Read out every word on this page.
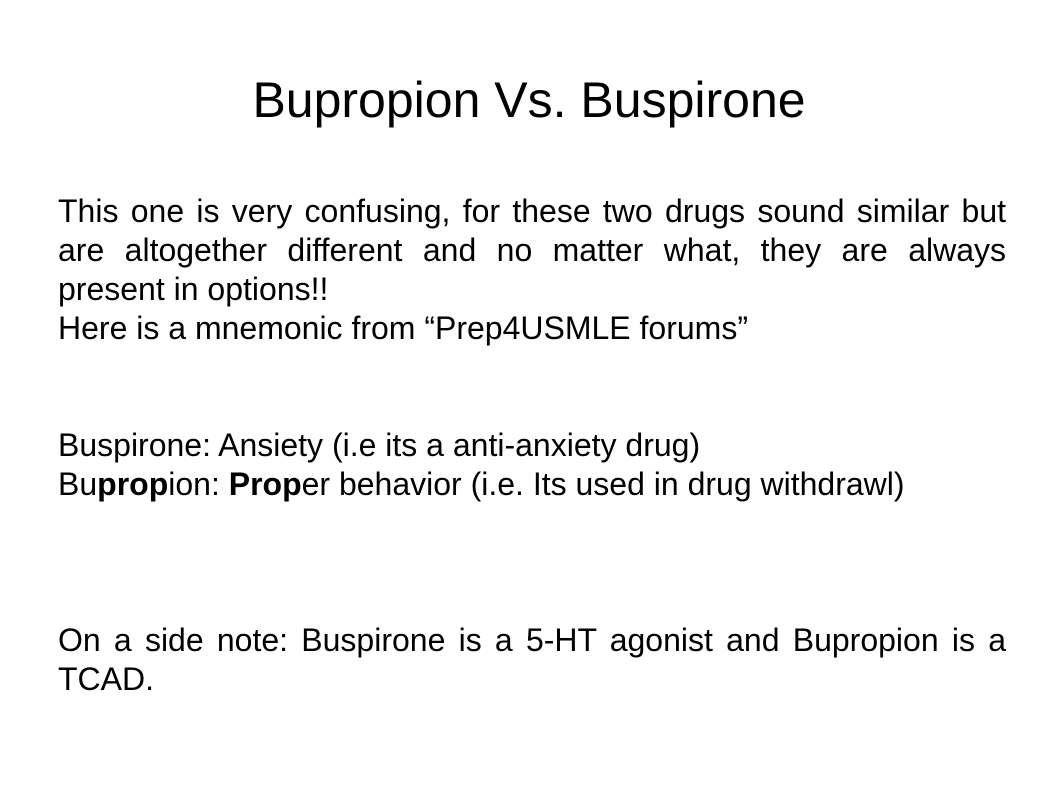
Bupropion Vs. Buspirone
This one is very confusing, for these two drugs sound similar but are altogether different and no matter what, they are always present in options!!
Here is a mnemonic from “Prep4USMLE forums”
Buspirone: Ansiety (i.e its a anti-anxiety drug)
Bupropion: Proper behavior (i.e. Its used in drug withdrawl)
On a side note: Buspirone is a 5-HT agonist and Bupropion is a TCAD.
